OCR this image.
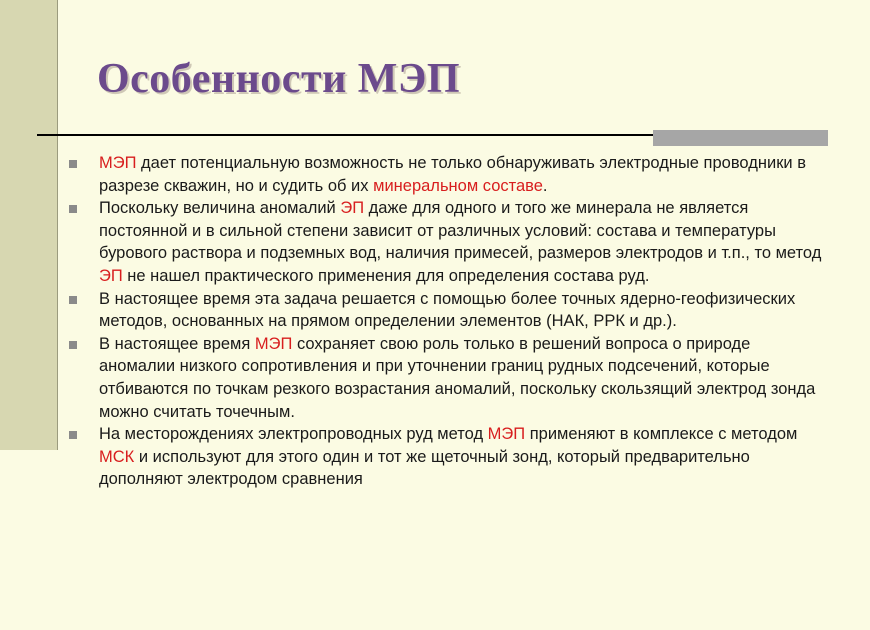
Особенности МЭП
МЭП дает потенциальную возможность не только обнаруживать электродные проводники в разрезе скважин, но и судить об их минеральном составе.
Поскольку величина аномалий ЭП даже для одного и того же минерала не является постоянной и в сильной степени зависит от различных условий: состава и температуры бурового раствора и подземных вод, наличия примесей, размеров электродов и т.п., то метод ЭП не нашел практического применения для определения состава руд.
В настоящее время эта задача решается с помощью более точных ядерно-геофизических методов, основанных на прямом определении элементов (НАК, РРК и др.).
В настоящее время МЭП сохраняет свою роль только в решений вопроса о природе аномалии низкого сопротивления и при уточнении границ рудных подсечений, которые отбиваются по точкам резкого возрастания аномалий, поскольку скользящий электрод зонда можно считать точечным.
На месторождениях электропроводных руд метод МЭП применяют в комплексе с методом МСК и используют для этого один и тот же щеточный зонд, который предварительно дополняют электродом сравнения
